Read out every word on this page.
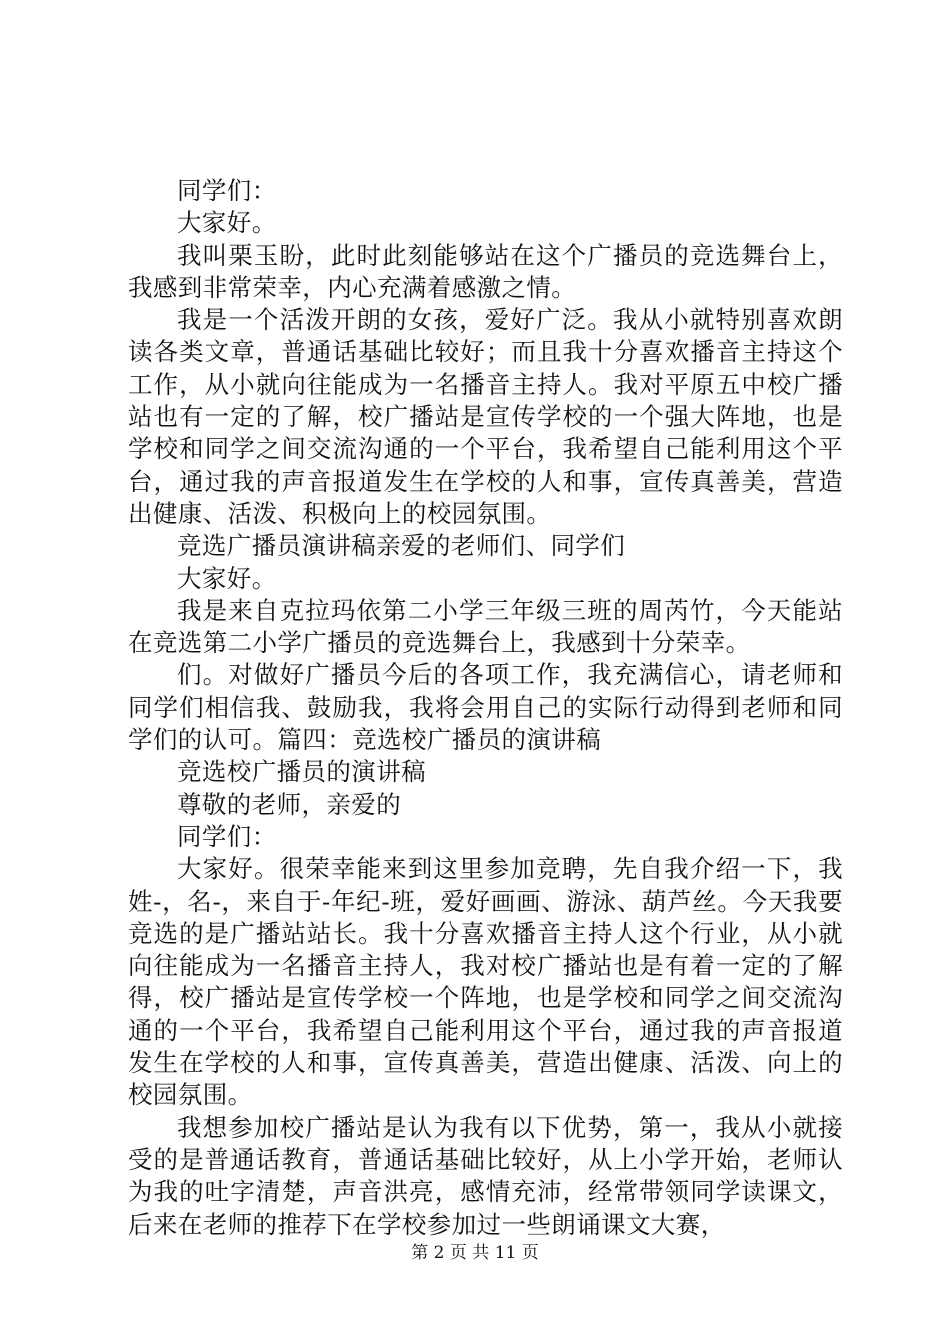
同学们：

大家好。

我叫栗玉盼，此时此刻能够站在这个广播员的竞选舞台上，我感到非常荣幸，内心充满着感激之情。

我是一个活泼开朗的女孩，爱好广泛。我从小就特别喜欢朗读各类文章，普通话基础比较好；而且我十分喜欢播音主持这个工作，从小就向往能成为一名播音主持人。我对平原五中校广播站也有一定的了解，校广播站是宣传学校的一个强大阵地，也是学校和同学之间交流沟通的一个平台，我希望自己能利用这个平台，通过我的声音报道发生在学校的人和事，宣传真善美，营造出健康、活泼、积极向上的校园氛围。

竞选广播员演讲稿亲爱的老师们、同学们

大家好。

我是来自克拉玛依第二小学三年级三班的周芮竹，今天能站在竞选第二小学广播员的竞选舞台上，我感到十分荣幸。

们。对做好广播员今后的各项工作，我充满信心，请老师和同学们相信我、鼓励我，我将会用自己的实际行动得到老师和同学们的认可。篇四：竞选校广播员的演讲稿

竞选校广播员的演讲稿

尊敬的老师，亲爱的

同学们：

大家好。很荣幸能来到这里参加竞聘，先自我介绍一下，我姓-，名-，来自于-年纪-班，爱好画画、游泳、葫芦丝。今天我要竞选的是广播站站长。我十分喜欢播音主持人这个行业，从小就向往能成为一名播音主持人，我对校广播站也是有着一定的了解得，校广播站是宣传学校一个阵地，也是学校和同学之间交流沟通的一个平台，我希望自己能利用这个平台，通过我的声音报道发生在学校的人和事，宣传真善美，营造出健康、活泼、向上的校园氛围。

我想参加校广播站是认为我有以下优势，第一，我从小就接受的是普通话教育，普通话基础比较好，从上小学开始，老师认为我的吐字清楚，声音洪亮，感情充沛，经常带领同学读课文，后来在老师的推荐下在学校参加过一些朗诵课文大赛，

第 2 页 共 11 页
